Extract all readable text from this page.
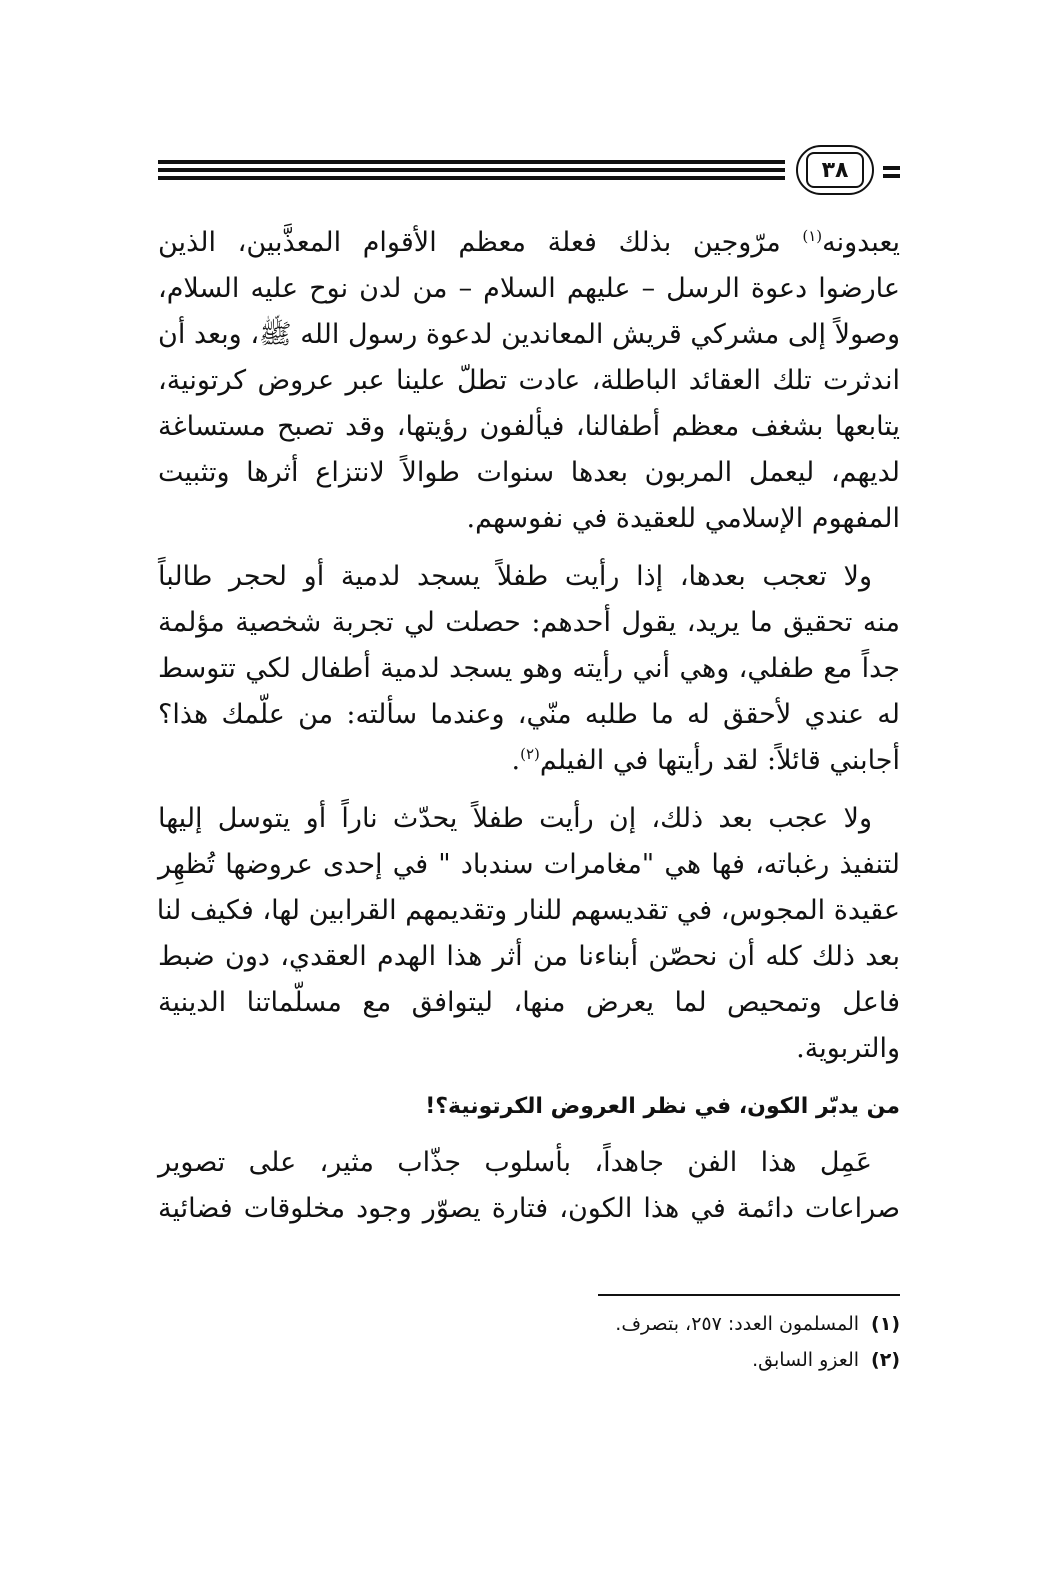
٣٨
يعبدونه$^{(١)}$ مرّوجين بذلك فعلة معظم الأقوام المعذَّبين، الذين
عارضوا دعوة الرسل – عليهم السلام – من لدن نوح عليه السلام،
وصولاً إلى مشركي قريش المعاندين لدعوة رسول الله ﷺ، وبعد أن
اندثرت تلك العقائد الباطلة، عادت تطلّ علينا عبر عروض كرتونية،
يتابعها بشغف معظم أطفالنا، فيألفون رؤيتها، وقد تصبح مستساغة
لديهم، ليعمل المربون بعدها سنوات طوالاً لانتزاع أثرها وتثبيت
المفهوم الإسلامي للعقيدة في نفوسهم.
ولا تعجب بعدها، إذا رأيت طفلاً يسجد لدمية أو لحجر طالباً
منه تحقيق ما يريد، يقول أحدهم: حصلت لي تجربة شخصية مؤلمة
جداً مع طفلي، وهي أني رأيته وهو يسجد لدمية أطفال لكي تتوسط
له عندي لأحقق له ما طلبه منّي، وعندما سألته: من علّمك هذا؟
أجابني قائلاً: لقد رأيتها في الفيلم$^{(٢)}$.
ولا عجب بعد ذلك، إن رأيت طفلاً يحدّث ناراً أو يتوسل إليها
لتنفيذ رغباته، فها هي "مغامرات سندباد " في إحدى عروضها تُظهِر
عقيدة المجوس، في تقديسهم للنار وتقديمهم القرابين لها، فكيف لنا
بعد ذلك كله أن نحصّن أبناءنا من أثر هذا الهدم العقدي، دون ضبط
فاعل وتمحيص لما يعرض منها، ليتوافق مع مسلّماتنا الدينية
والتربوية.
من يدبّر الكون، في نظر العروض الكرتونية؟!
عَمِل هذا الفن جاهداً، بأسلوب جذّاب مثير، على تصوير
صراعات دائمة في هذا الكون، فتارة يصوّر وجود مخلوقات فضائية
(١)المسلمون العدد: ٢٥٧، بتصرف.
(٢)العزو السابق.
